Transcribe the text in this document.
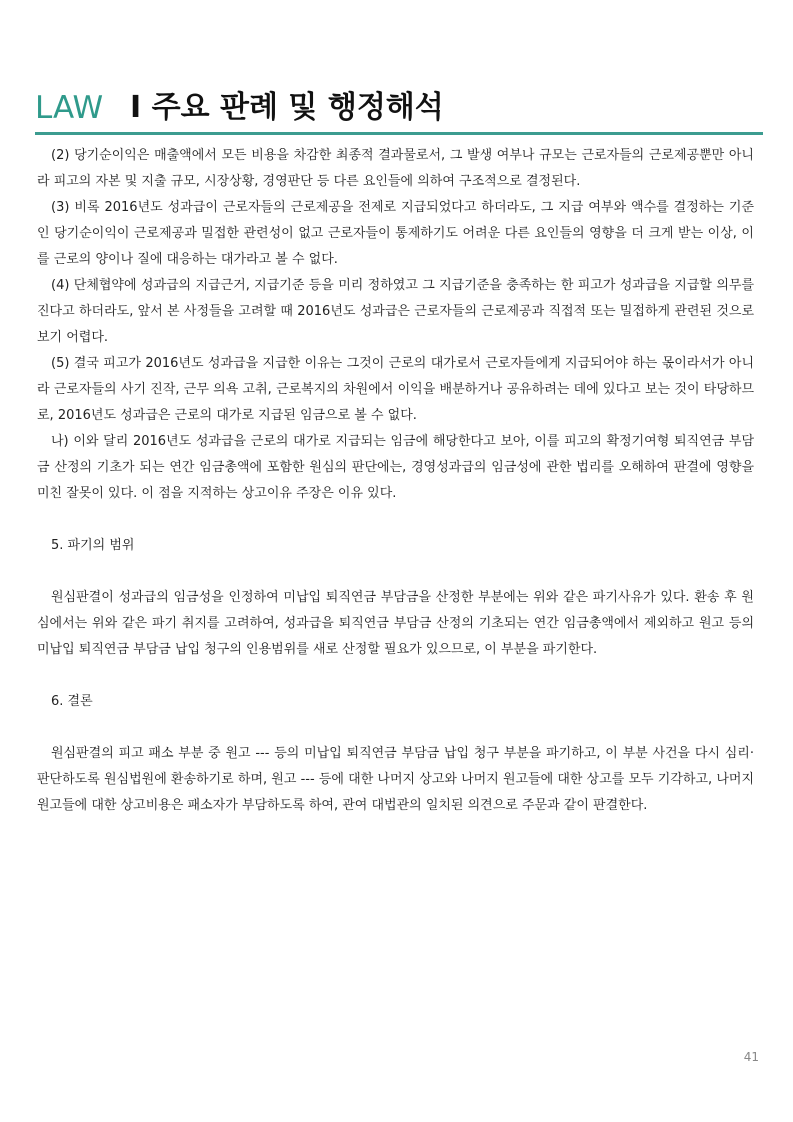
LAW I 주요 판례 및 행정해석

(2) 당기순이익은 매출액에서 모든 비용을 차감한 최종적 결과물로서, 그 발생 여부나 규모는 근로자들의 근로제공뿐만 아니라 피고의 자본 및 지출 규모, 시장상황, 경영판단 등 다른 요인들에 의하여 구조적으로 결정된다.

(3) 비록 2016년도 성과급이 근로자들의 근로제공을 전제로 지급되었다고 하더라도, 그 지급 여부와 액수를 결정하는 기준인 당기순이익이 근로제공과 밀접한 관련성이 없고 근로자들이 통제하기도 어려운 다른 요인들의 영향을 더 크게 받는 이상, 이를 근로의 양이나 질에 대응하는 대가라고 볼 수 없다.

(4) 단체협약에 성과급의 지급근거, 지급기준 등을 미리 정하였고 그 지급기준을 충족하는 한 피고가 성과급을 지급할 의무를 진다고 하더라도, 앞서 본 사정들을 고려할 때 2016년도 성과급은 근로자들의 근로제공과 직접적 또는 밀접하게 관련된 것으로 보기 어렵다.

(5) 결국 피고가 2016년도 성과급을 지급한 이유는 그것이 근로의 대가로서 근로자들에게 지급되어야 하는 몫이라서가 아니라 근로자들의 사기 진작, 근무 의욕 고취, 근로복지의 차원에서 이익을 배분하거나 공유하려는 데에 있다고 보는 것이 타당하므로, 2016년도 성과급은 근로의 대가로 지급된 임금으로 볼 수 없다.

나) 이와 달리 2016년도 성과급을 근로의 대가로 지급되는 임금에 해당한다고 보아, 이를 피고의 확정기여형 퇴직연금 부담금 산정의 기초가 되는 연간 임금총액에 포함한 원심의 판단에는, 경영성과급의 임금성에 관한 법리를 오해하여 판결에 영향을 미친 잘못이 있다. 이 점을 지적하는 상고이유 주장은 이유 있다.

5. 파기의 범위

원심판결이 성과급의 임금성을 인정하여 미납입 퇴직연금 부담금을 산정한 부분에는 위와 같은 파기사유가 있다. 환송 후 원심에서는 위와 같은 파기 취지를 고려하여, 성과급을 퇴직연금 부담금 산정의 기초되는 연간 임금총액에서 제외하고 원고 등의 미납입 퇴직연금 부담금 납입 청구의 인용범위를 새로 산정할 필요가 있으므로, 이 부분을 파기한다.

6. 결론

원심판결의 피고 패소 부분 중 원고 --- 등의 미납입 퇴직연금 부담금 납입 청구 부분을 파기하고, 이 부분 사건을 다시 심리·판단하도록 원심법원에 환송하기로 하며, 원고 --- 등에 대한 나머지 상고와 나머지 원고들에 대한 상고를 모두 기각하고, 나머지 원고들에 대한 상고비용은 패소자가 부담하도록 하여, 관여 대법관의 일치된 의견으로 주문과 같이 판결한다.

41
